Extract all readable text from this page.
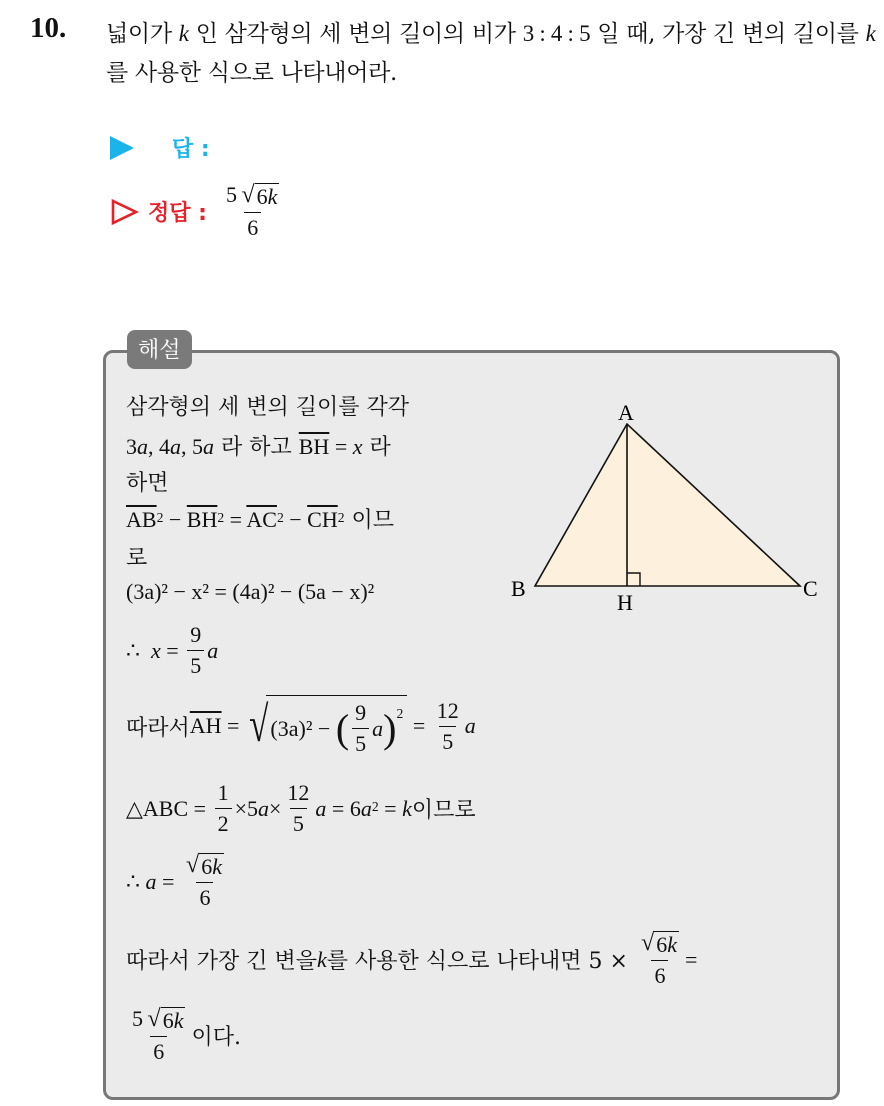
10. 넓이가 k 인 삼각형의 세 변의 길이의 비가 3 : 4 : 5 일 때, 가장 긴 변의 길이를 k 를 사용한 식으로 나타내어라.
답 :
정답 : $\frac{5 √ 6k}{6}$
해설
삼각형의 세 변의 길이를 각각
3a, 4a, 5a 라 하고 $\overline{BH} = x$ 라
하면
$\overline{AB}^2 - \overline{BH}^2 = \overline{AC}^2 - \overline{CH}^2$ 이므
로
(3a)² − x² = (4a)² − (5a − x)²
∴
$x = \frac{9}{5}$ a
따라서 $\overline{AH}$ = √ (3a)² −
( $\frac{9}{5}$ a )$^2 = \frac{12}{5}$ a
△ABC = $\frac{1}{2} \times 5a \times \frac{12}{5}$ $a = 6a^2 = k$ 이므로
∴
$a = \frac{√ 6k}{6}$
따라서 가장 긴 변을 k 를 사용한 식으로 나타내면 5 ×
$\frac{√ 6k}{6}$ =
$\frac{5 √ 6k}{6}$ 이다.
A
B	C
H
